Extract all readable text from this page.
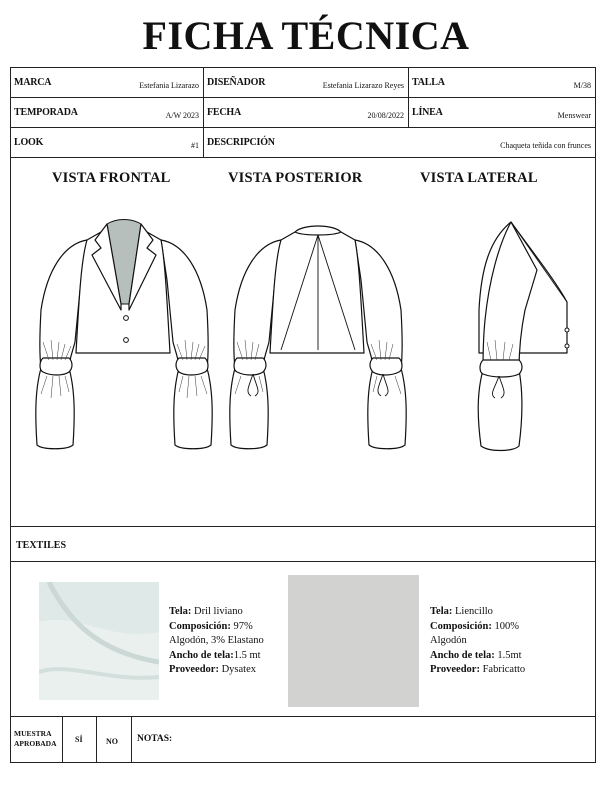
FICHA TÉCNICA
MARCA	Estefania Lizarazo DISEÑADOR	Estefania Lizarazo Reyes TALLA	M/38
TEMPORADA	A/W 2023 FECHA	20/08/2022 LÍNEA	Menswear
LOOK	#1 DESCRIPCIÓN	Chaqueta teñida con frunces
VISTA FRONTAL	VISTA POSTERIOR	VISTA LATERAL
TEXTILES
Tela: Dril liviano
Composición: 97%
Algodón, 3% Elastano
Ancho de tela:1.5 mt
Proveedor: Dysatex
Tela: Liencillo
Composición: 100%
Algodón
Ancho de tela: 1.5mt
Proveedor: Fabricatto
MUESTRA
APROBADA SÍ	NO NOTAS:
